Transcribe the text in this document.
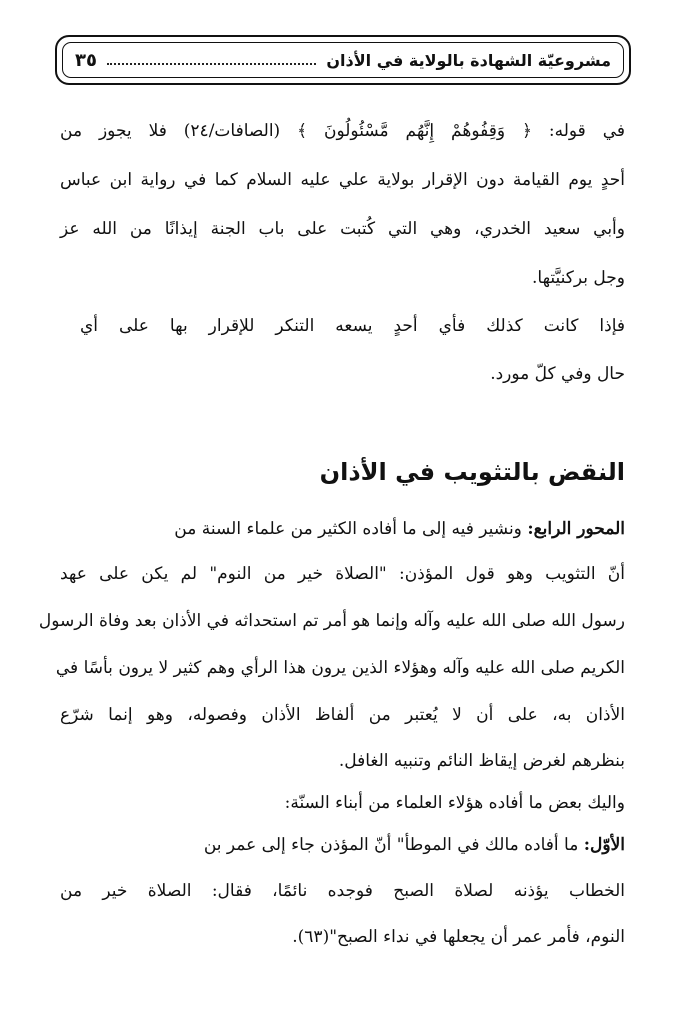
مشروعيّة الشهادة بالولاية في الأذان
٣٥
في قوله: ﴿ وَقِفُوهُمْ إِنَّهُم مَّسْئُولُونَ ﴾ (الصافات/٢٤) فلا يجوز من
أحدٍ يوم القيامة دون الإقرار بولاية علي عليه السلام كما في رواية ابن عباس
وأبي سعيد الخدري، وهي التي كُتبت على باب الجنة إيذانًا من الله عز
وجل بركنيَّتها.
فإذا كانت كذلك فأي أحدٍ يسعه التنكر للإقرار بها على أي
حال وفي كلّ مورد.
النقض بالتثويب في الأذان
المحور الرابع: ونشير فيه إلى ما أفاده الكثير من علماء السنة من
أنّ التثويب وهو قول المؤذن: "الصلاة خير من النوم" لم يكن على عهد
رسول الله صلى الله عليه وآله وإنما هو أمر تم استحداثه في الأذان بعد وفاة الرسول
الكريم صلى الله عليه وآله وهؤلاء الذين يرون هذا الرأي وهم كثير لا يرون بأسًا في
الأذان به، على أن لا يُعتبر من ألفاظ الأذان وفصوله، وهو إنما شرّع
بنظرهم لغرض إيقاظ النائم وتنبيه الغافل.
واليك بعض ما أفاده هؤلاء العلماء من أبناء السنّة:
الأوّل: ما أفاده مالك في الموطأ" أنّ المؤذن جاء إلى عمر بن
الخطاب يؤذنه لصلاة الصبح فوجده نائمًا، فقال: الصلاة خير من
النوم، فأمر عمر أن يجعلها في نداء الصبح"(٦٣).
